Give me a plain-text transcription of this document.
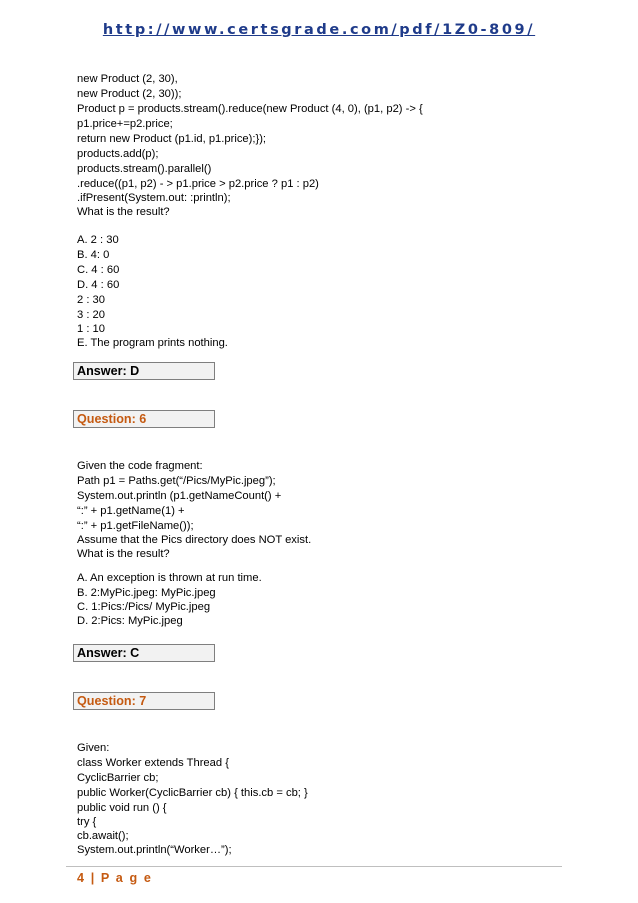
http://www.certsgrade.com/pdf/1Z0-809/
new Product (2, 30),
new Product (2, 30));
Product p = products.stream().reduce(new Product (4, 0), (p1, p2) -> {
p1.price+=p2.price;
return new Product (p1.id, p1.price);});
products.add(p);
products.stream().parallel()
.reduce((p1, p2) - > p1.price > p2.price ? p1 : p2)
.ifPresent(System.out: :println);
What is the result?
A. 2 : 30
B. 4: 0
C. 4 : 60
D. 4 : 60
2 : 30
3 : 20
1 : 10
E. The program prints nothing.
Answer: D
Question: 6
Given the code fragment:
Path p1 = Paths.get(“/Pics/MyPic.jpeg”);
System.out.println (p1.getNameCount() +
“:” + p1.getName(1) +
“:” + p1.getFileName());
Assume that the Pics directory does NOT exist.
What is the result?
A. An exception is thrown at run time.
B. 2:MyPic.jpeg: MyPic.jpeg
C. 1:Pics:/Pics/ MyPic.jpeg
D. 2:Pics: MyPic.jpeg
Answer: C
Question: 7
Given:
class Worker extends Thread {
CyclicBarrier cb;
public Worker(CyclicBarrier cb) { this.cb = cb; }
public void run () {
try {
cb.await();
System.out.println(“Worker…”);
4 | P a g e
